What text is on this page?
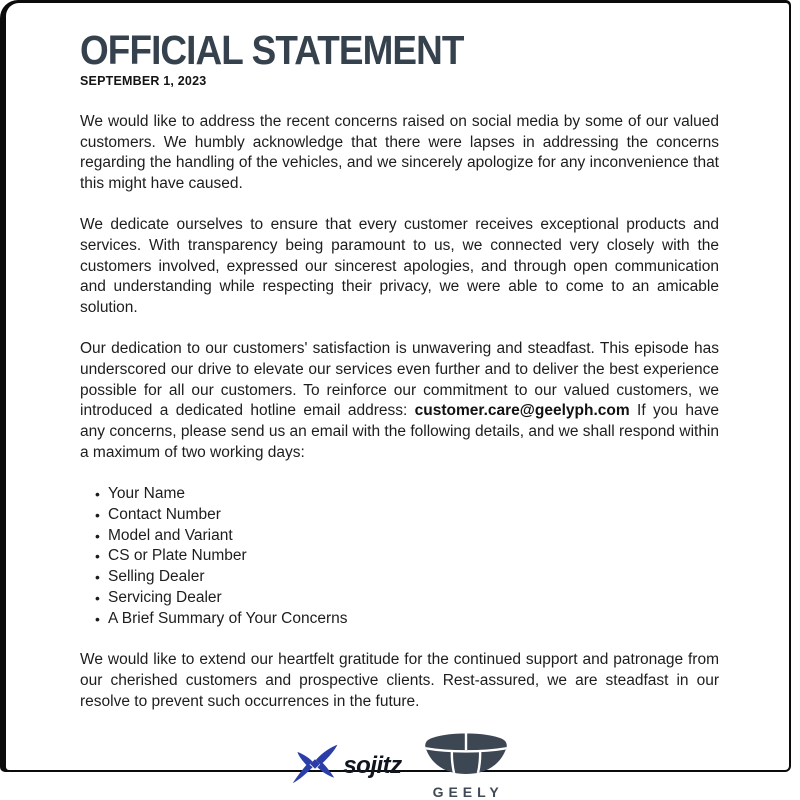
OFFICIAL STATEMENT
SEPTEMBER 1, 2023

We would like to address the recent concerns raised on social media by some of our valued customers. We humbly acknowledge that there were lapses in addressing the concerns regarding the handling of the vehicles, and we sincerely apologize for any inconvenience that this might have caused.

We dedicate ourselves to ensure that every customer receives exceptional products and services. With transparency being paramount to us, we connected very closely with the customers involved, expressed our sincerest apologies, and through open communication and understanding while respecting their privacy, we were able to come to an amicable solution.

Our dedication to our customers' satisfaction is unwavering and steadfast. This episode has underscored our drive to elevate our services even further and to deliver the best experience possible for all our customers. To reinforce our commitment to our valued customers, we introduced a dedicated hotline email address: customer.care@geelyph.com If you have any concerns, please send us an email with the following details, and we shall respond within a maximum of two working days:

• Your Name
• Contact Number
• Model and Variant
• CS or Plate Number
• Selling Dealer
• Servicing Dealer
• A Brief Summary of Your Concerns

We would like to extend our heartfelt gratitude for the continued support and patronage from our cherished customers and prospective clients. Rest-assured, we are steadfast in our resolve to prevent such occurrences in the future.

sojitz
GEELY
